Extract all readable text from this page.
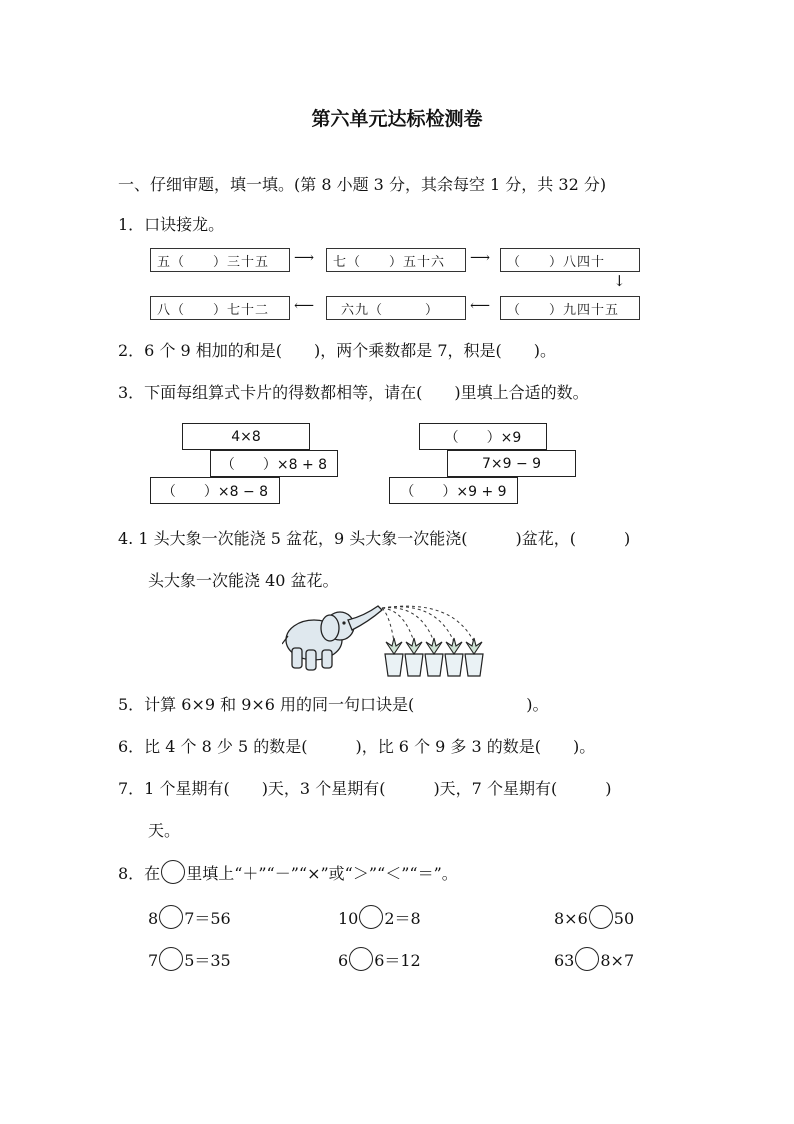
第六单元达标检测卷
一、仔细审题，填一填。(第 8 小题 3 分，其余每空 1 分，共 32 分)
1．口诀接龙。
五（　　）三十五	⟶	七（　　）五十六	⟶	（　　）八四十
↓
（　　）九四十五
⟵
六九（　　　）
⟵
八（　　）七十二
2．6 个 9 相加的和是(　　)，两个乘数都是 7，积是(　　)。
3．下面每组算式卡片的得数都相等，请在(　　)里填上合适的数。
4×8
（　　）×8 + 8
（　　）×8 − 8
（　　）×9
7×9 − 9
（　　）×9 + 9
4. 1 头大象一次能浇 5 盆花，9 头大象一次能浇(　　　)盆花，(　　　)
头大象一次能浇 40 盆花。
5．计算 6×9 和 9×6 用的同一句口诀是(　　　　　　　)。
6．比 4 个 8 少 5 的数是(　　　)，比 6 个 9 多 3 的数是(　　)。
7．1 个星期有(　　)天，3 个星期有(　　　)天，7 个星期有(　　　)
天。
8．在 里填上“＋”“－”“×”或“＞”“＜”“＝”。
8 7＝56	10 2＝8	8×6 50
7 5＝35	6 6＝12	63 8×7
